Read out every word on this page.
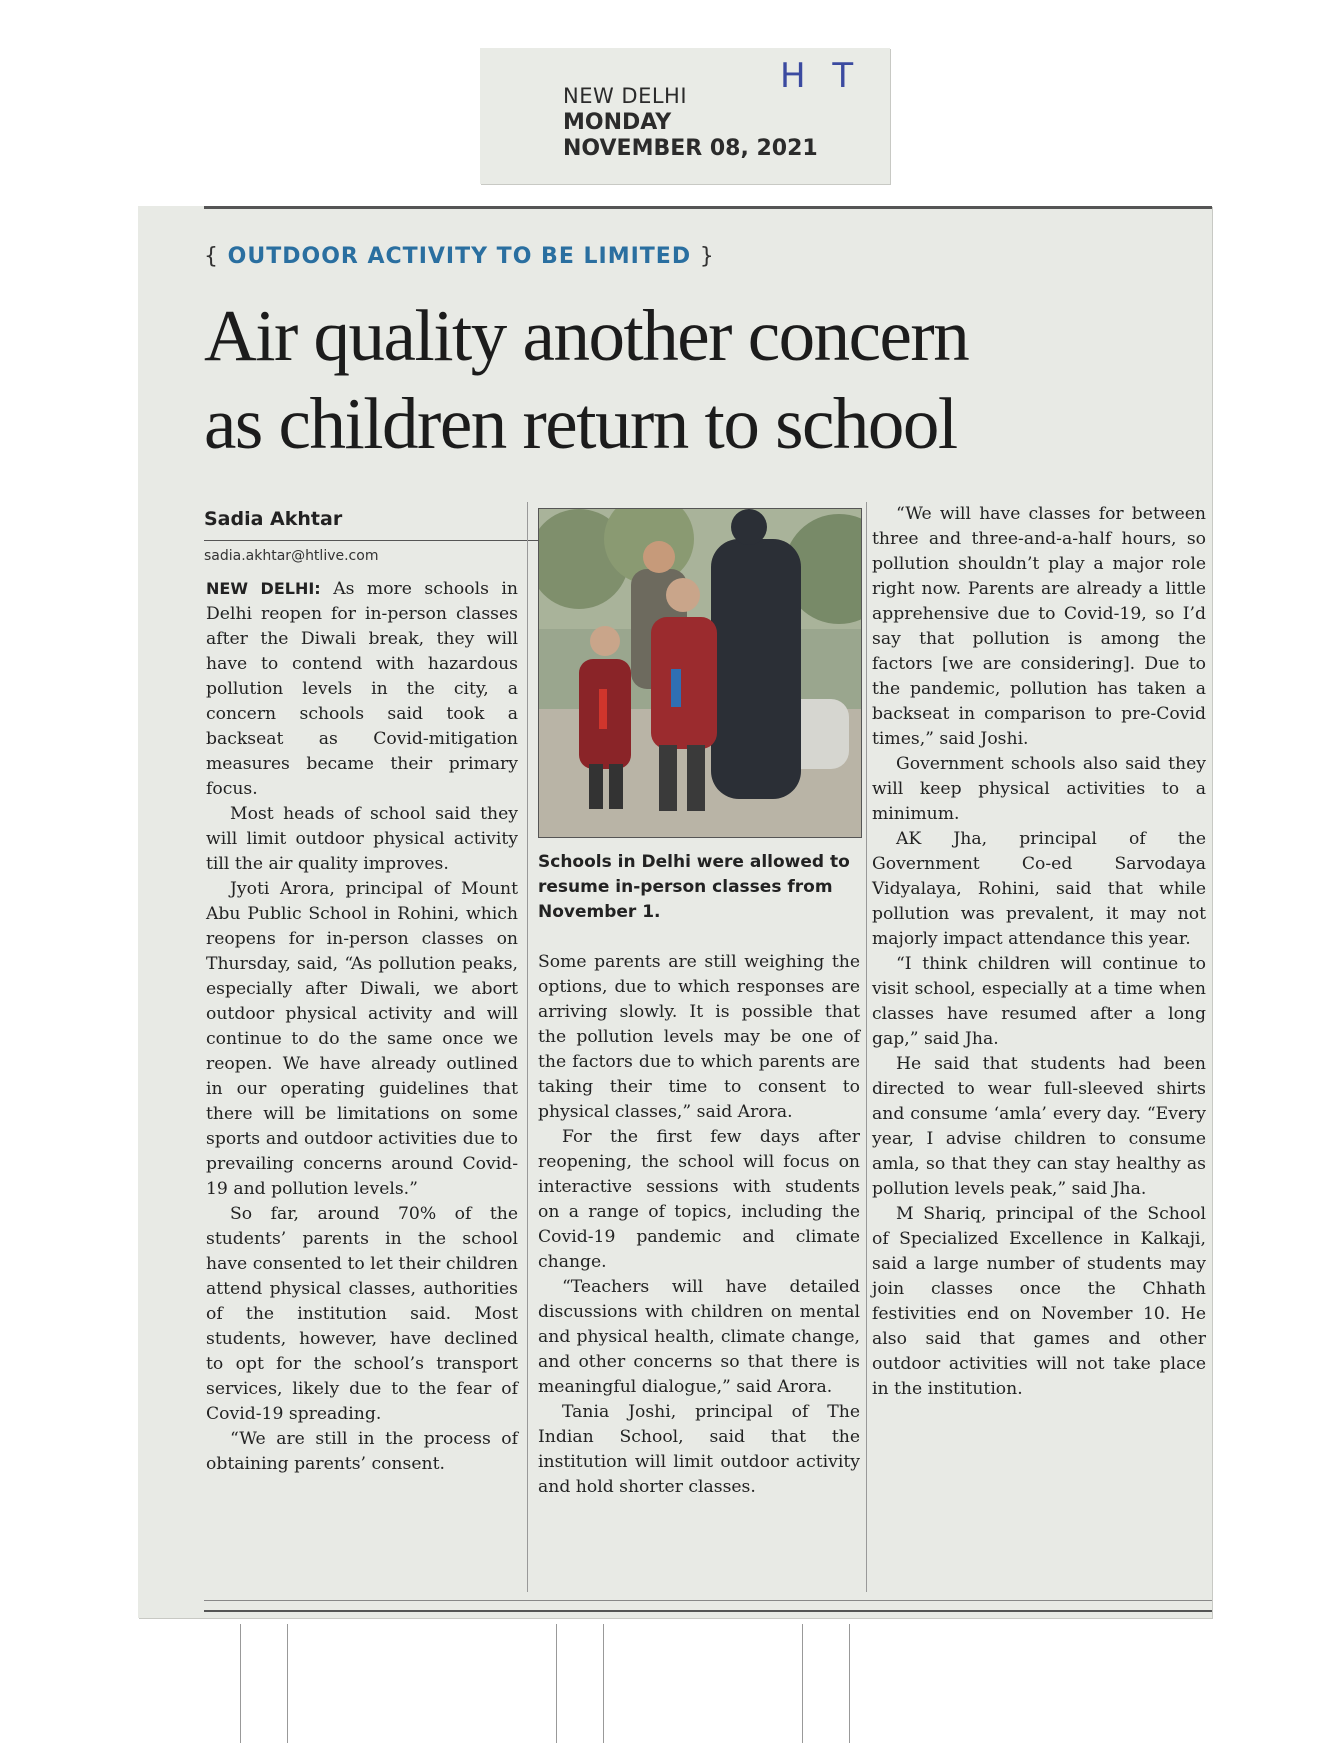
NEW DELHI
MONDAY
NOVEMBER 08, 2021
H T
{ OUTDOOR ACTIVITY TO BE LIMITED }
Air quality another concern
as children return to school
Sadia Akhtar
sadia.akhtar@htlive.com

NEW DELHI: As more schools in Delhi reopen for in-person classes after the Diwali break, they will have to contend with hazardous pollution levels in the city, a concern schools said took a backseat as Covid-mitigation measures became their primary focus.

Most heads of school said they will limit outdoor physical activity till the air quality improves.

Jyoti Arora, principal of Mount Abu Public School in Rohini, which reopens for in-person classes on Thursday, said, “As pollution peaks, especially after Diwali, we abort outdoor physical activity and will continue to do the same once we reopen. We have already outlined in our operating guidelines that there will be limitations on some sports and outdoor activities due to prevailing concerns around Covid-19 and pollution levels.”

So far, around 70% of the students’ parents in the school have consented to let their children attend physical classes, authorities of the institution said. Most students, however, have declined to opt for the school’s transport services, likely due to the fear of Covid-19 spreading.

“We are still in the process of obtaining parents’ consent.

Schools in Delhi were allowed to resume in-person classes from November 1.

Some parents are still weighing the options, due to which responses are arriving slowly. It is possible that the pollution levels may be one of the factors due to which parents are taking their time to consent to physical classes,” said Arora.

For the first few days after reopening, the school will focus on interactive sessions with students on a range of topics, including the Covid-19 pandemic and climate change.

“Teachers will have detailed discussions with children on mental and physical health, climate change, and other concerns so that there is meaningful dialogue,” said Arora.

Tania Joshi, principal of The Indian School, said that the institution will limit outdoor activity and hold shorter classes.

“We will have classes for between three and three-and-a-half hours, so pollution shouldn’t play a major role right now. Parents are already a little apprehensive due to Covid-19, so I’d say that pollution is among the factors [we are considering]. Due to the pandemic, pollution has taken a backseat in comparison to pre-Covid times,” said Joshi.

Government schools also said they will keep physical activities to a minimum.

AK Jha, principal of the Government Co-ed Sarvodaya Vidyalaya, Rohini, said that while pollution was prevalent, it may not majorly impact attendance this year.

“I think children will continue to visit school, especially at a time when classes have resumed after a long gap,” said Jha.

He said that students had been directed to wear full-sleeved shirts and consume ‘amla’ every day. “Every year, I advise children to consume amla, so that they can stay healthy as pollution levels peak,” said Jha.

M Shariq, principal of the School of Specialized Excellence in Kalkaji, said a large number of students may join classes once the Chhath festivities end on November 10. He also said that games and other outdoor activities will not take place in the institution.
